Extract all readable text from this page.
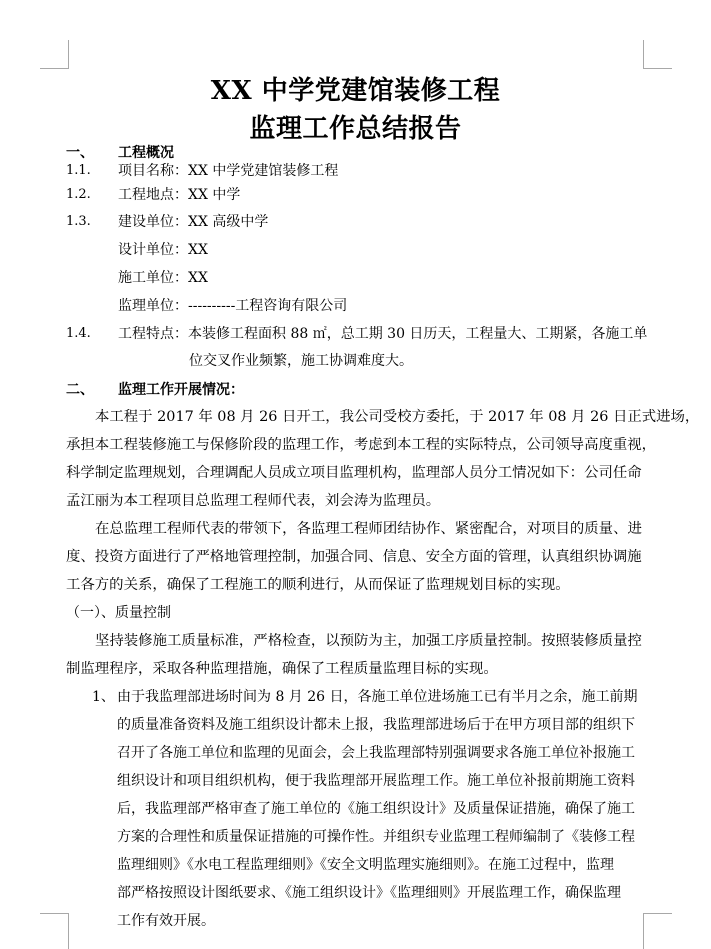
XX 中学党建馆装修工程
监理工作总结报告
一、 工程概况
1.1. 项目名称：XX 中学党建馆装修工程
1.2. 工程地点：XX 中学
1.3. 建设单位：XX 高级中学
设计单位：XX
施工单位：XX
监理单位：----------工程咨询有限公司
1.4. 工程特点：本装修工程面积 88 ㎡，总工期 30 日历天，工程量大、工期紧，各施工单
位交叉作业频繁，施工协调难度大。
二、 监理工作开展情况：
本工程于 2017 年 08 月 26 日开工，我公司受校方委托，于 2017 年 08 月 26 日正式进场，
承担本工程装修施工与保修阶段的监理工作，考虑到本工程的实际特点，公司领导高度重视，
科学制定监理规划，合理调配人员成立项目监理机构，监理部人员分工情况如下：公司任命
孟江丽为本工程项目总监理工程师代表，刘会涛为监理员。
在总监理工程师代表的带领下，各监理工程师团结协作、紧密配合，对项目的质量、进
度、投资方面进行了严格地管理控制，加强合同、信息、安全方面的管理，认真组织协调施
工各方的关系，确保了工程施工的顺利进行，从而保证了监理规划目标的实现。
（一）、质量控制
坚持装修施工质量标准，严格检查，以预防为主，加强工序质量控制。按照装修质量控
制监理程序，采取各种监理措施，确保了工程质量监理目标的实现。
1、 由于我监理部进场时间为 8 月 26 日，各施工单位进场施工已有半月之余，施工前期
的质量准备资料及施工组织设计都未上报，我监理部进场后于在甲方项目部的组织下
召开了各施工单位和监理的见面会，会上我监理部特别强调要求各施工单位补报施工
组织设计和项目组织机构，便于我监理部开展监理工作。施工单位补报前期施工资料
后，我监理部严格审查了施工单位的《施工组织设计》及质量保证措施，确保了施工
方案的合理性和质量保证措施的可操作性。并组织专业监理工程师编制了《装修工程
监理细则》《水电工程监理细则》《安全文明监理实施细则》。在施工过程中，监理
部严格按照设计图纸要求、《施工组织设计》《监理细则》开展监理工作，确保监理
工作有效开展。
